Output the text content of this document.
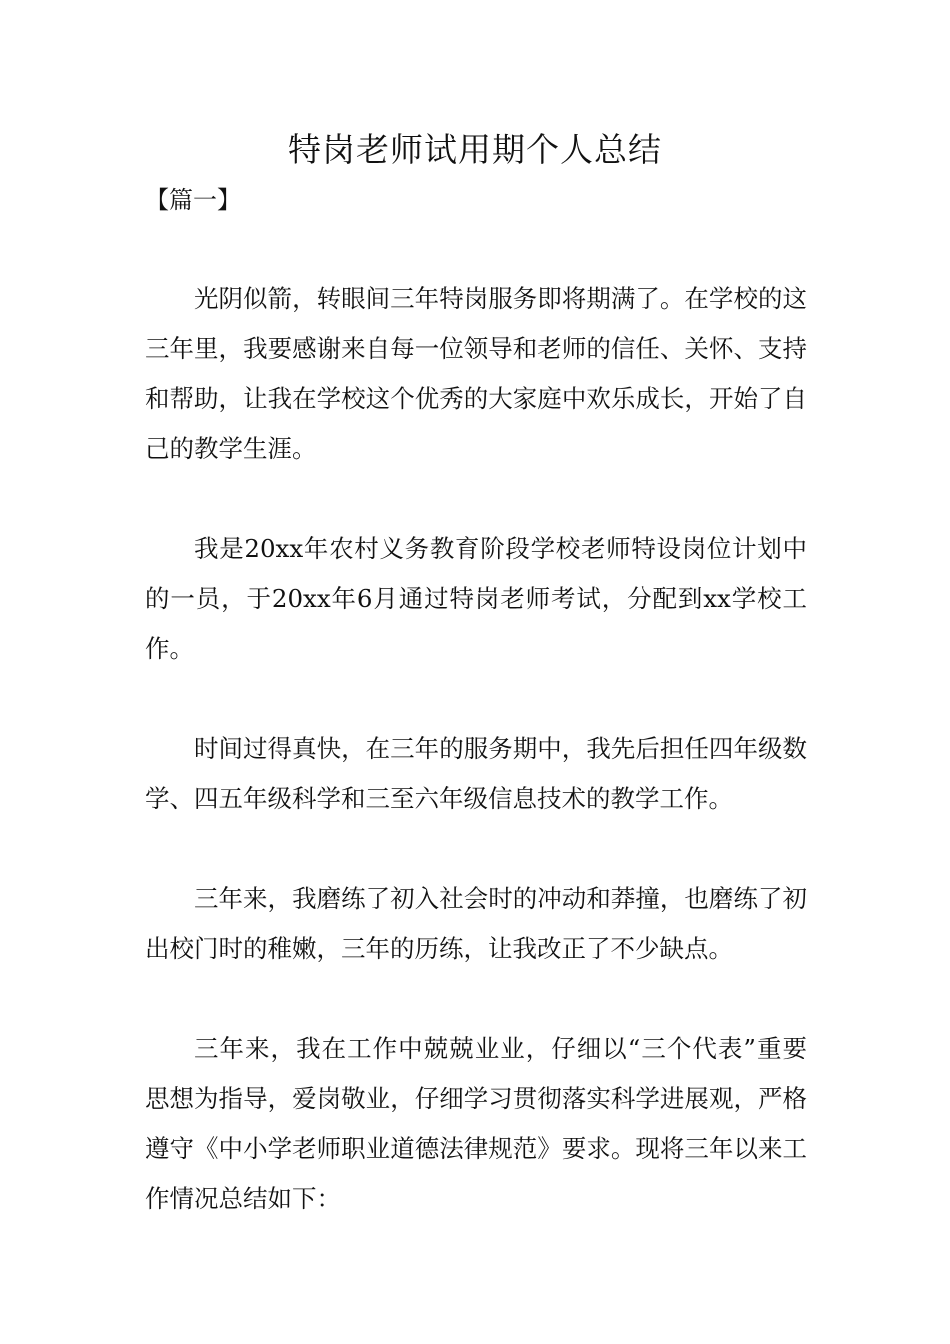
特岗老师试用期个人总结

【篇一】

光阴似箭，转眼间三年特岗服务即将期满了。在学校的这三年里，我要感谢来自每一位领导和老师的信任、关怀、支持和帮助，让我在学校这个优秀的大家庭中欢乐成长，开始了自己的教学生涯。

我是20xx年农村义务教育阶段学校老师特设岗位计划中的一员，于20xx年6月通过特岗老师考试，分配到xx学校工作。

时间过得真快，在三年的服务期中，我先后担任四年级数学、四五年级科学和三至六年级信息技术的教学工作。

三年来，我磨练了初入社会时的冲动和莽撞，也磨练了初出校门时的稚嫩，三年的历练，让我改正了不少缺点。

三年来，我在工作中兢兢业业，仔细以“三个代表”重要思想为指导，爱岗敬业，仔细学习贯彻落实科学进展观，严格遵守《中小学老师职业道德法律规范》要求。现将三年以来工作情况总结如下：
